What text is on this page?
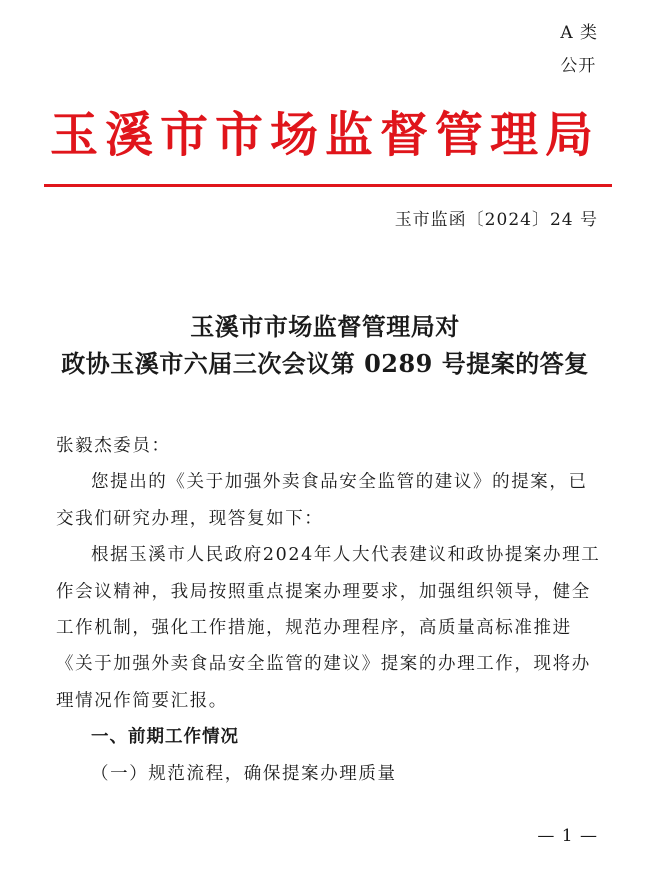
A 类
公开
玉溪市市场监督管理局
玉市监函〔2024〕24 号
玉溪市市场监督管理局对
政协玉溪市六届三次会议第 0289 号提案的答复

张毅杰委员：

您提出的《关于加强外卖食品安全监管的建议》的提案，已交我们研究办理，现答复如下：

根据玉溪市人民政府2024年人大代表建议和政协提案办理工作会议精神，我局按照重点提案办理要求，加强组织领导，健全工作机制，强化工作措施，规范办理程序，高质量高标准推进《关于加强外卖食品安全监管的建议》提案的办理工作，现将办理情况作简要汇报。

一、前期工作情况

（一）规范流程，确保提案办理质量

— 1 —
